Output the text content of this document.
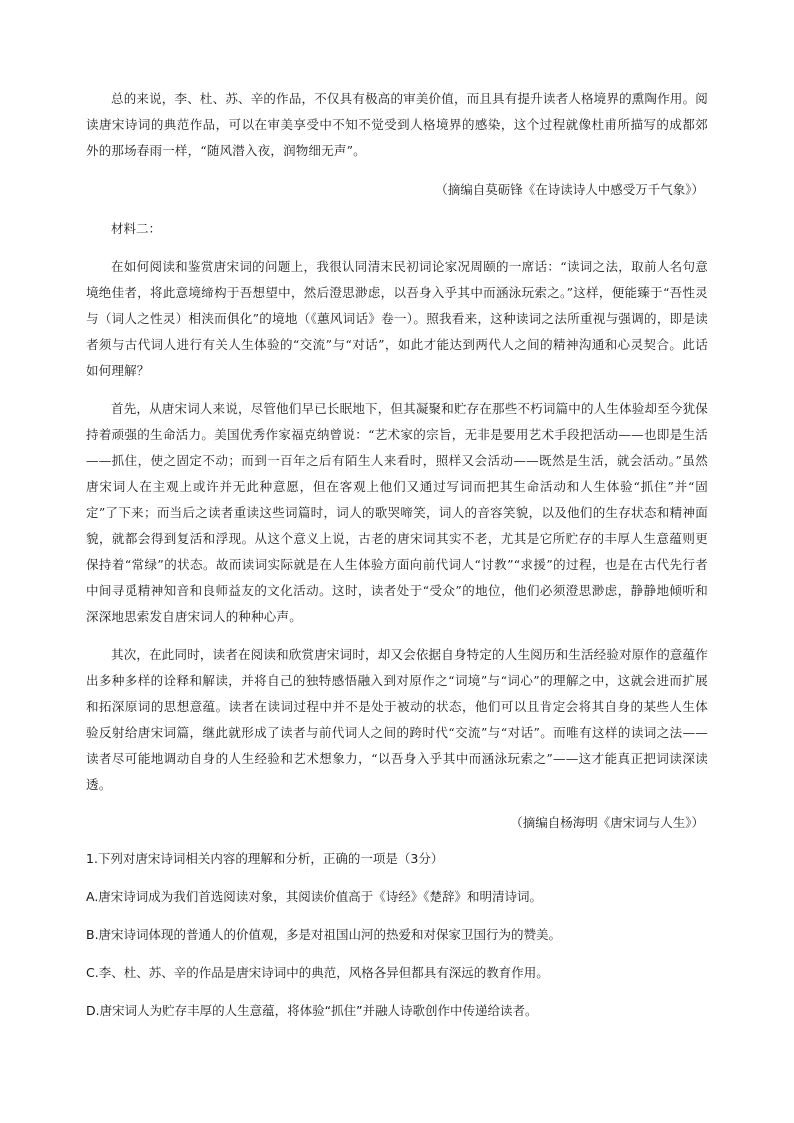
总的来说，李、杜、苏、辛的作品，不仅具有极高的审美价值，而且具有提升读者人格境界的熏陶作用。阅读唐宋诗词的典范作品，可以在审美享受中不知不觉受到人格境界的感染，这个过程就像杜甫所描写的成都郊外的那场春雨一样，“随风潜入夜，润物细无声”。

（摘编自莫砺锋《在诗读诗人中感受万千气象》）

材料二：

在如何阅读和鉴赏唐宋词的问题上，我很认同清末民初词论家况周颐的一席话：“读词之法，取前人名句意境绝佳者，将此意境缔构于吾想望中，然后澄思渺虑，以吾身入乎其中而涵泳玩索之。”这样，便能臻于“吾性灵与（词人之性灵）相浃而俱化”的境地（《蕙风词话》卷一）。照我看来，这种读词之法所重视与强调的，即是读者须与古代词人进行有关人生体验的“交流”与“对话”，如此才能达到两代人之间的精神沟通和心灵契合。此话如何理解？

首先，从唐宋词人来说，尽管他们早已长眠地下，但其凝聚和贮存在那些不朽词篇中的人生体验却至今犹保持着顽强的生命活力。美国优秀作家福克纳曾说：“艺术家的宗旨，无非是要用艺术手段把活动——也即是生活——抓住，使之固定不动；而到一百年之后有陌生人来看时，照样又会活动——既然是生活，就会活动。”虽然唐宋词人在主观上或许并无此种意愿，但在客观上他们又通过写词而把其生命活动和人生体验“抓住”并“固定”了下来；而当后之读者重读这些词篇时，词人的歌哭啼笑，词人的音容笑貌，以及他们的生存状态和精神面貌，就都会得到复活和浮现。从这个意义上说，古老的唐宋词其实不老，尤其是它所贮存的丰厚人生意蕴则更保持着“常绿”的状态。故而读词实际就是在人生体验方面向前代词人“讨教”“求援”的过程，也是在古代先行者中间寻觅精神知音和良师益友的文化活动。这时，读者处于“受众”的地位，他们必须澄思渺虑，静静地倾听和深深地思索发自唐宋词人的种种心声。

其次，在此同时，读者在阅读和欣赏唐宋词时，却又会依据自身特定的人生阅历和生活经验对原作的意蕴作出多种多样的诠释和解读，并将自己的独特感悟融入到对原作之“词境”与“词心”的理解之中，这就会进而扩展和拓深原词的思想意蕴。读者在读词过程中并不是处于被动的状态，他们可以且肯定会将其自身的某些人生体验反射给唐宋词篇，继此就形成了读者与前代词人之间的跨时代“交流”与“对话”。而唯有这样的读词之法——读者尽可能地调动自身的人生经验和艺术想象力，“以吾身入乎其中而涵泳玩索之”——这才能真正把词读深读透。

（摘编自杨海明《唐宋词与人生》）

1.下列对唐宋诗词相关内容的理解和分析，正确的一项是（3分）

A.唐宋诗词成为我们首选阅读对象，其阅读价值高于《诗经》《楚辞》和明清诗词。

B.唐宋诗词体现的普通人的价值观，多是对祖国山河的热爱和对保家卫国行为的赞美。

C.李、杜、苏、辛的作品是唐宋诗词中的典范，风格各异但都具有深远的教育作用。

D.唐宋词人为贮存丰厚的人生意蕴，将体验“抓住”并融人诗歌创作中传递给读者。
